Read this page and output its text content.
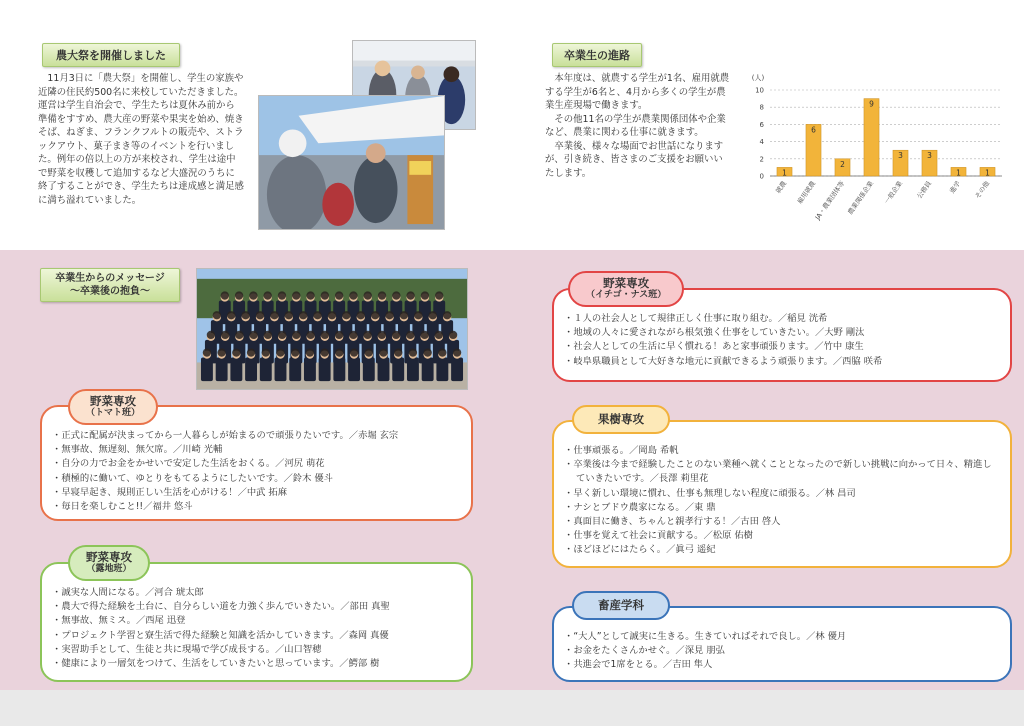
農大祭を開催しました

11月3日に「農大祭」を開催し、学生の家族や近隣の住民約500名に来校していただきました。運営は学生自治会で、学生たちは夏休み前から準備をすすめ、農大産の野菜や果実を始め、焼きそば、ねぎま、フランクフルトの販売や、ストラックアウト、菓子まき等のイベントを行いました。例年の倍以上の方が来校され、学生は途中で野菜を収穫して追加するなど大盛況のうちに終了することができ、学生たちは達成感と満足感に満ち溢れていました。

卒業生の進路

本年度は、就農する学生が1名、雇用就農する学生が6名と、4月から多くの学生が農業生産現場で働きます。

その他11名の学生が農業関係団体や企業など、農業に関わる仕事に就きます。

卒業後、様々な場面でお世話になりますが、引き続き、皆さまのご支援をお願いいたします。

(人)
0
2
4
6
8
10
1
就農
6
雇用就農
2
JA・農業団体等
9
農業関係企業
3
一般企業
3
公務員
1
進学
1
その他
卒業生からのメッセージ
〜卒業後の抱負〜
・ 正式に配属が決まってから一人暮らしが始まるので頑張りたいです。／赤堀 玄宗
・ 無事故、無遅刻、無欠席。／川崎 光輔
・ 自分の力でお金をかせいで安定した生活をおくる。／河尻 萌花
・ 積極的に働いて、ゆとりをもてるようにしたいです。／鈴木 優斗
・ 早寝早起き、規則正しい生活を心がける！／中武 拓麻
・ 毎日を楽しむこと!!／福井 悠斗
野菜専攻
（トマト班）
・ 誠実な人間になる。／河合 琥太郎
・ 農大で得た経験を土台に、自分らしい道を力強く歩んでいきたい。／部田 真聖
・ 無事故、無ミス。／西尾 迅登
・ プロジェクト学習と寮生活で得た経験と知識を活かしていきます。／森岡 真優
・ 実習助手として、生徒と共に現場で学び成長する。／山口智穂
・ 健康により一層気をつけて、生活をしていきたいと思っています。／鰐部 樹
野菜専攻
（露地班）
・ １人の社会人として規律正しく仕事に取り組む。／稲見 洸希
・ 地域の人々に愛されながら根気強く仕事をしていきたい。／大野 剛汰
・ 社会人としての生活に早く慣れる！あと家事頑張ります。／竹中 康生
・ 岐阜県職員として大好きな地元に貢献できるよう頑張ります。／西脇 咲希
野菜専攻
（イチゴ・ナス班）
・ 仕事頑張る。／岡島 希帆
・ 卒業後は今まで経験したことのない業種へ就くこととなったので新しい挑戦に向かって日々、精進していきたいです。／長澤 莉里花
・ 早く新しい環境に慣れ、仕事も無理しない程度に頑張る。／林 昌司
・ ナシとブドウ農家になる。／東 鼎
・ 真面目に働き、ちゃんと親孝行する！／古田 啓人
・ 仕事を覚えて社会に貢献する。／松原 佑樹
・ ほどほどにはたらく。／眞弓 遥紀
果樹専攻
・ “大人”として誠実に生きる。生きていればそれで良し。／林 優月
・ お金をたくさんかせぐ。／深見 朋弘
・ 共進会で1席をとる。／吉田 隼人
畜産学科
